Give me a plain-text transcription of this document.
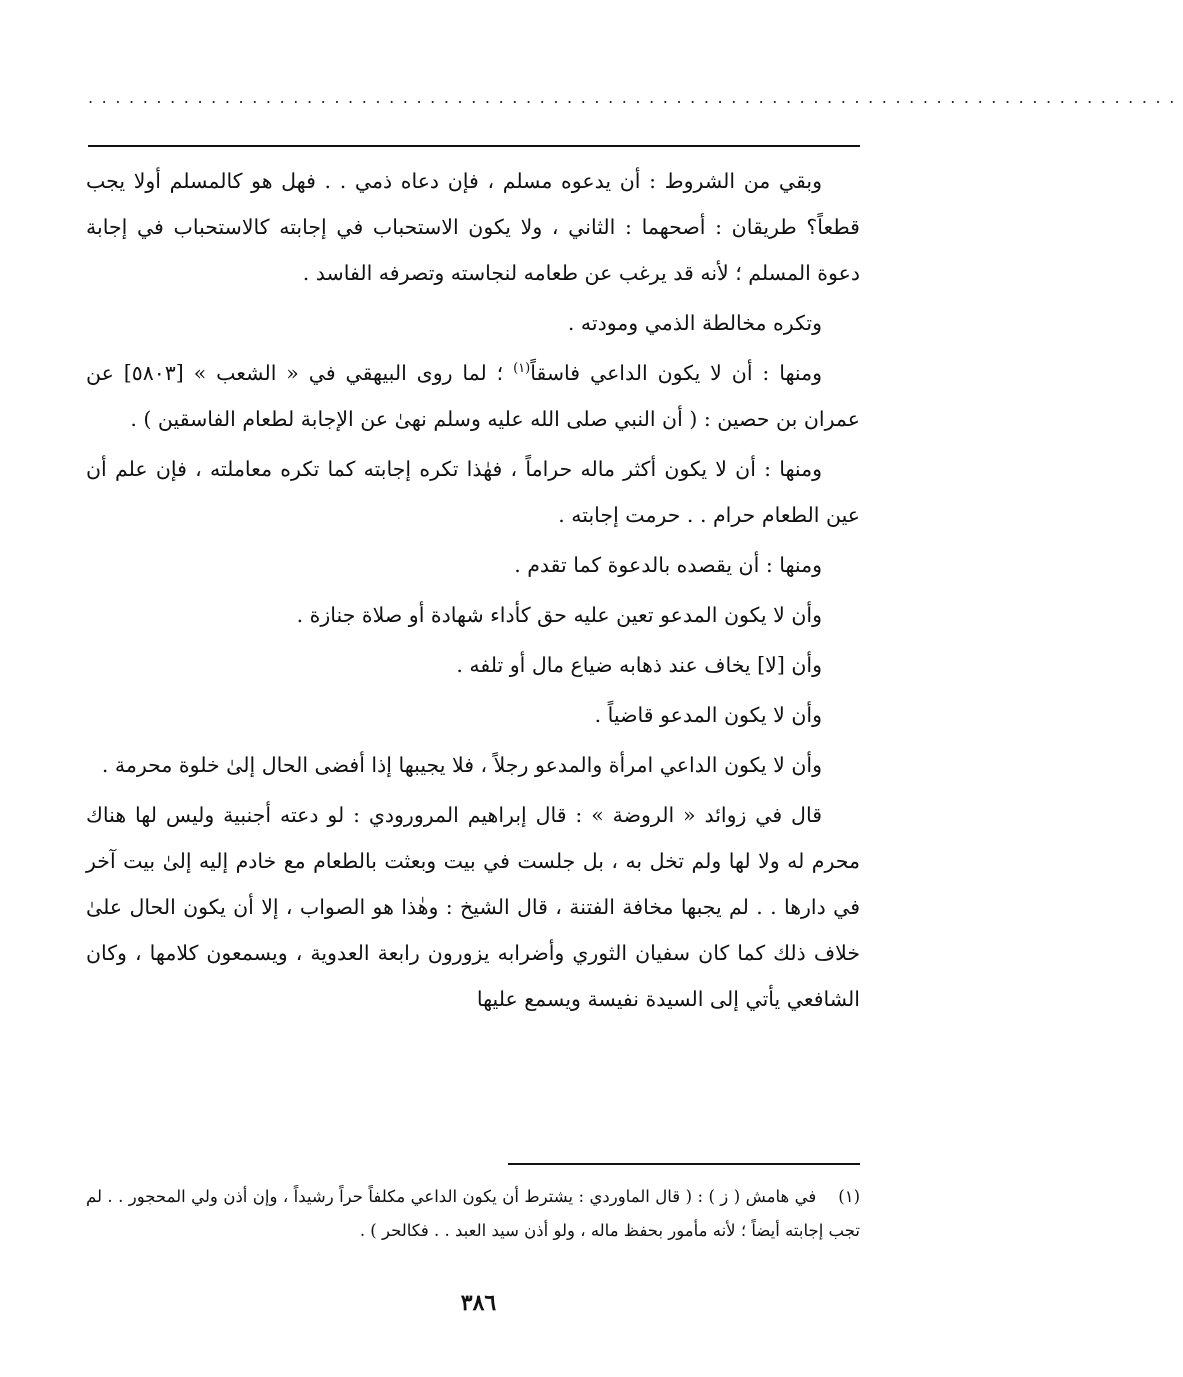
................................................................................

وبقي من الشروط : أن يدعوه مسلم ، فإن دعاه ذمي . . فهل هو كالمسلم أولا يجب قطعاً؟ طريقان : أصحهما : الثاني ، ولا يكون الاستحباب في إجابته كالاستحباب في إجابة دعوة المسلم ؛ لأنه قد يرغب عن طعامه لنجاسته وتصرفه الفاسد .

وتكره مخالطة الذمي ومودته .

ومنها : أن لا يكون الداعي فاسقاً$^{(١)}$ ؛ لما روى البيهقي في « الشعب » [٥٨٠٣] عن عمران بن حصين : ( أن النبي صلى الله عليه وسلم نهىٰ عن الإجابة لطعام الفاسقين ) .

ومنها : أن لا يكون أكثر ماله حراماً ، فهٰذا تكره إجابته كما تكره معاملته ، فإن علم أن عين الطعام حرام . . حرمت إجابته .

ومنها : أن يقصده بالدعوة كما تقدم .

وأن لا يكون المدعو تعين عليه حق كأداء شهادة أو صلاة جنازة .

وأن [لا] يخاف عند ذهابه ضياع مال أو تلفه .

وأن لا يكون المدعو قاضياً .

وأن لا يكون الداعي امرأة والمدعو رجلاً ، فلا يجيبها إذا أفضى الحال إلىٰ خلوة محرمة .

قال في زوائد « الروضة » : قال إبراهيم المرورودي : لو دعته أجنبية وليس لها هناك محرم له ولا لها ولم تخل به ، بل جلست في بيت وبعثت بالطعام مع خادم إليه إلىٰ بيت آخر في دارها . . لم يجبها مخافة الفتنة ، قال الشيخ : وهٰذا هو الصواب ، إلا أن يكون الحال علىٰ خلاف ذلك كما كان سفيان الثوري وأضرابه يزورون رابعة العدوية ، ويسمعون كلامها ، وكان الشافعي يأتي إلى السيدة نفيسة ويسمع عليها

(١)في هامش ( ز ) : ( قال الماوردي : يشترط أن يكون الداعي مكلفاً حراً رشيداً ، وإن أذن ولي المحجور . . لم تجب إجابته أيضاً ؛ لأنه مأمور بحفظ ماله ، ولو أذن سيد العبد . . فكالحر ) .

٣٨٦
